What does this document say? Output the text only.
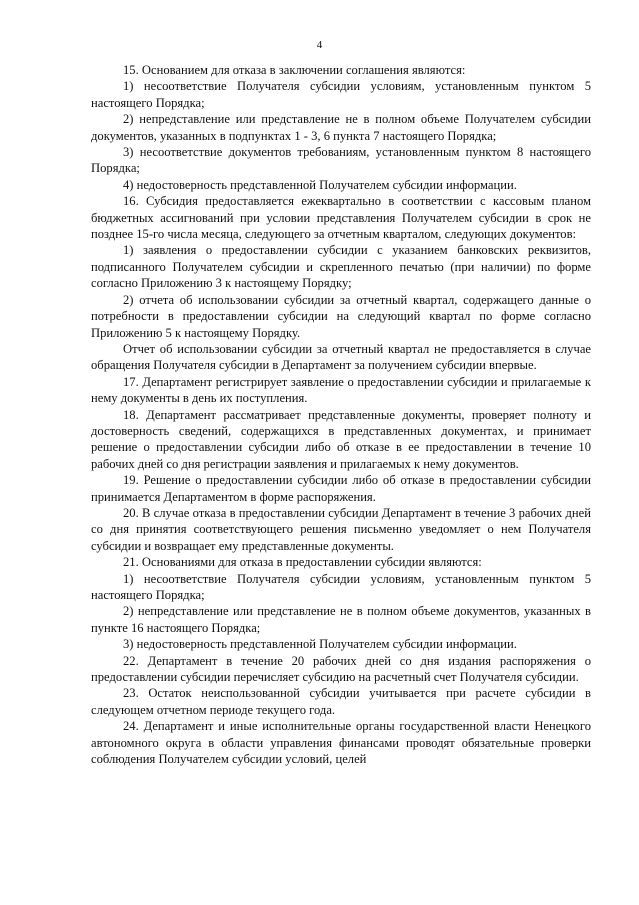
4

15. Основанием для отказа в заключении соглашения являются:

1) несоответствие Получателя субсидии условиям, установленным пунктом 5 настоящего Порядка;

2) непредставление или представление не в полном объеме Получателем субсидии документов, указанных в подпунктах 1 - 3, 6 пункта 7 настоящего Порядка;

3) несоответствие документов требованиям, установленным пунктом 8 настоящего Порядка;

4) недостоверность представленной Получателем субсидии информации.

16. Субсидия предоставляется ежеквартально в соответствии с кассовым планом бюджетных ассигнований при условии представления Получателем субсидии в срок не позднее 15-го числа месяца, следующего за отчетным кварталом, следующих документов:

1) заявления о предоставлении субсидии с указанием банковских реквизитов, подписанного Получателем субсидии и скрепленного печатью (при наличии) по форме согласно Приложению 3 к настоящему Порядку;

2) отчета об использовании субсидии за отчетный квартал, содержащего данные о потребности в предоставлении субсидии на следующий квартал по форме согласно Приложению 5 к настоящему Порядку.

Отчет об использовании субсидии за отчетный квартал не предоставляется в случае обращения Получателя субсидии в Департамент за получением субсидии впервые.

17. Департамент регистрирует заявление о предоставлении субсидии и прилагаемые к нему документы в день их поступления.

18. Департамент рассматривает представленные документы, проверяет полноту и достоверность сведений, содержащихся в представленных документах, и принимает решение о предоставлении субсидии либо об отказе в ее предоставлении в течение 10 рабочих дней со дня регистрации заявления и прилагаемых к нему документов.

19. Решение о предоставлении субсидии либо об отказе в предоставлении субсидии принимается Департаментом в форме распоряжения.

20. В случае отказа в предоставлении субсидии Департамент в течение 3 рабочих дней со дня принятия соответствующего решения письменно уведомляет о нем Получателя субсидии и возвращает ему представленные документы.

21. Основаниями для отказа в предоставлении субсидии являются:

1) несоответствие Получателя субсидии условиям, установленным пунктом 5 настоящего Порядка;

2) непредставление или представление не в полном объеме документов, указанных в пункте 16 настоящего Порядка;

3) недостоверность представленной Получателем субсидии информации.

22. Департамент в течение 20 рабочих дней со дня издания распоряжения о предоставлении субсидии перечисляет субсидию на расчетный счет Получателя субсидии.

23. Остаток неиспользованной субсидии учитывается при расчете субсидии в следующем отчетном периоде текущего года.

24. Департамент и иные исполнительные органы государственной власти Ненецкого автономного округа в области управления финансами проводят обязательные проверки соблюдения Получателем субсидии условий, целей
